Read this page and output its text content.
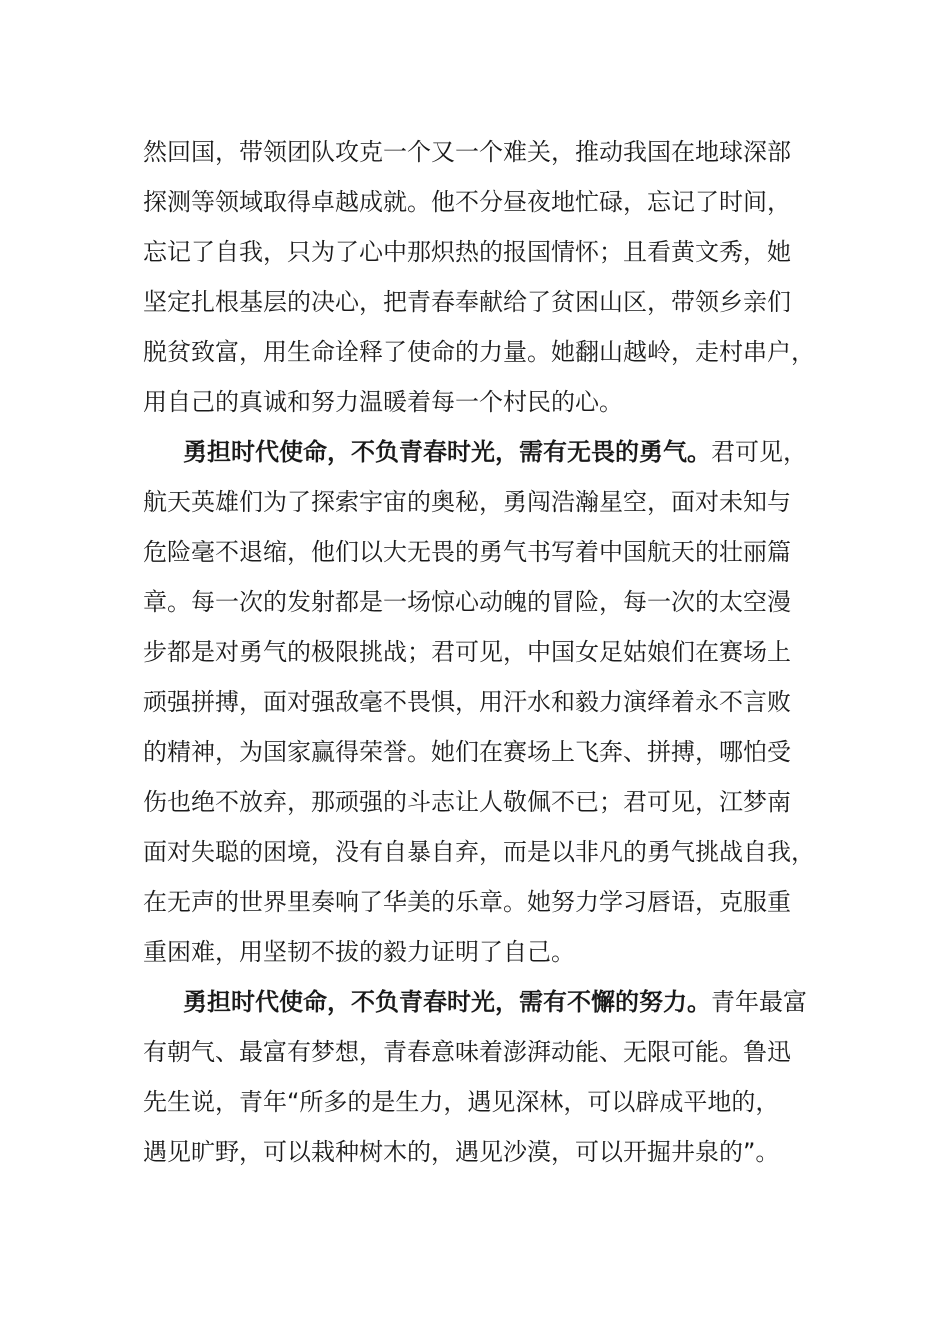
然回国，带领团队攻克一个又一个难关，推动我国在地球深部
探测等领域取得卓越成就。他不分昼夜地忙碌，忘记了时间，
忘记了自我，只为了心中那炽热的报国情怀；且看黄文秀，她
坚定扎根基层的决心，把青春奉献给了贫困山区，带领乡亲们
脱贫致富，用生命诠释了使命的力量。她翻山越岭，走村串户，
用自己的真诚和努力温暖着每一个村民的心。
勇担时代使命，不负青春时光，需有无畏的勇气。君可见，
航天英雄们为了探索宇宙的奥秘，勇闯浩瀚星空，面对未知与
危险毫不退缩，他们以大无畏的勇气书写着中国航天的壮丽篇
章。每一次的发射都是一场惊心动魄的冒险，每一次的太空漫
步都是对勇气的极限挑战；君可见，中国女足姑娘们在赛场上
顽强拼搏，面对强敌毫不畏惧，用汗水和毅力演绎着永不言败
的精神，为国家赢得荣誉。她们在赛场上飞奔、拼搏，哪怕受
伤也绝不放弃，那顽强的斗志让人敬佩不已；君可见，江梦南
面对失聪的困境，没有自暴自弃，而是以非凡的勇气挑战自我，
在无声的世界里奏响了华美的乐章。她努力学习唇语，克服重
重困难，用坚韧不拔的毅力证明了自己。
勇担时代使命，不负青春时光，需有不懈的努力。青年最富
有朝气、最富有梦想，青春意味着澎湃动能、无限可能。鲁迅
先生说，青年“所多的是生力，遇见深林，可以辟成平地的，
遇见旷野，可以栽种树木的，遇见沙漠，可以开掘井泉的”。
